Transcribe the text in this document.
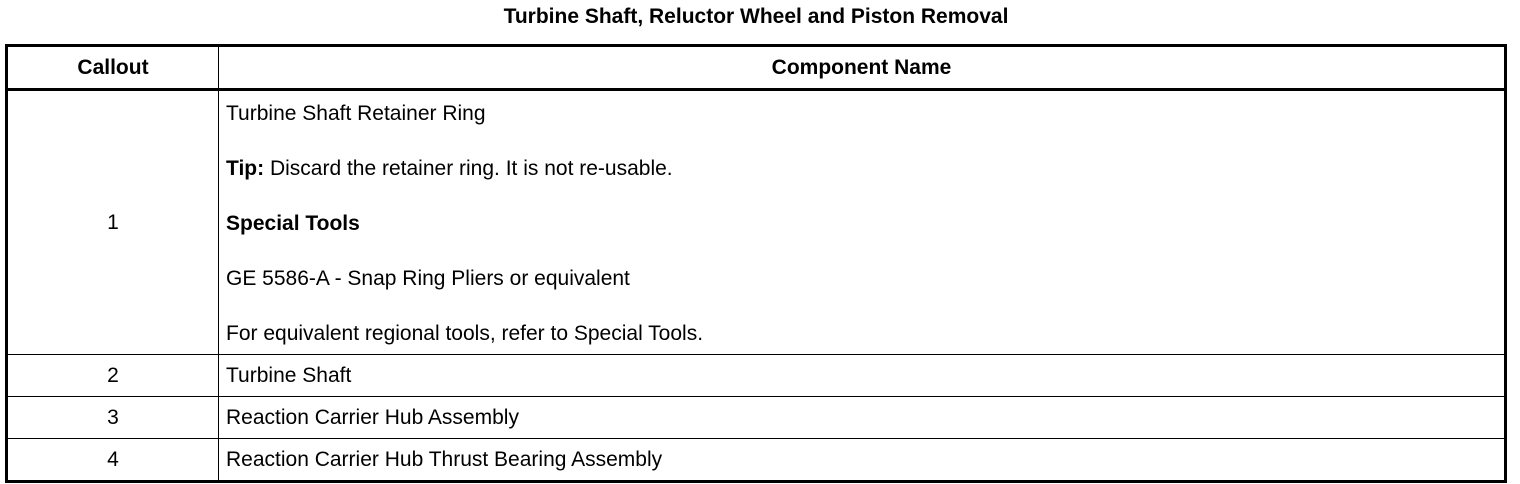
Turbine Shaft, Reluctor Wheel and Piston Removal
Callout	Component Name
1	Turbine Shaft Retainer Ring
Tip: Discard the retainer ring. It is not re-usable.
Special Tools
GE 5586-A - Snap Ring Pliers or equivalent
For equivalent regional tools, refer to Special Tools.

2	Turbine Shaft
3	Reaction Carrier Hub Assembly
4	Reaction Carrier Hub Thrust Bearing Assembly
